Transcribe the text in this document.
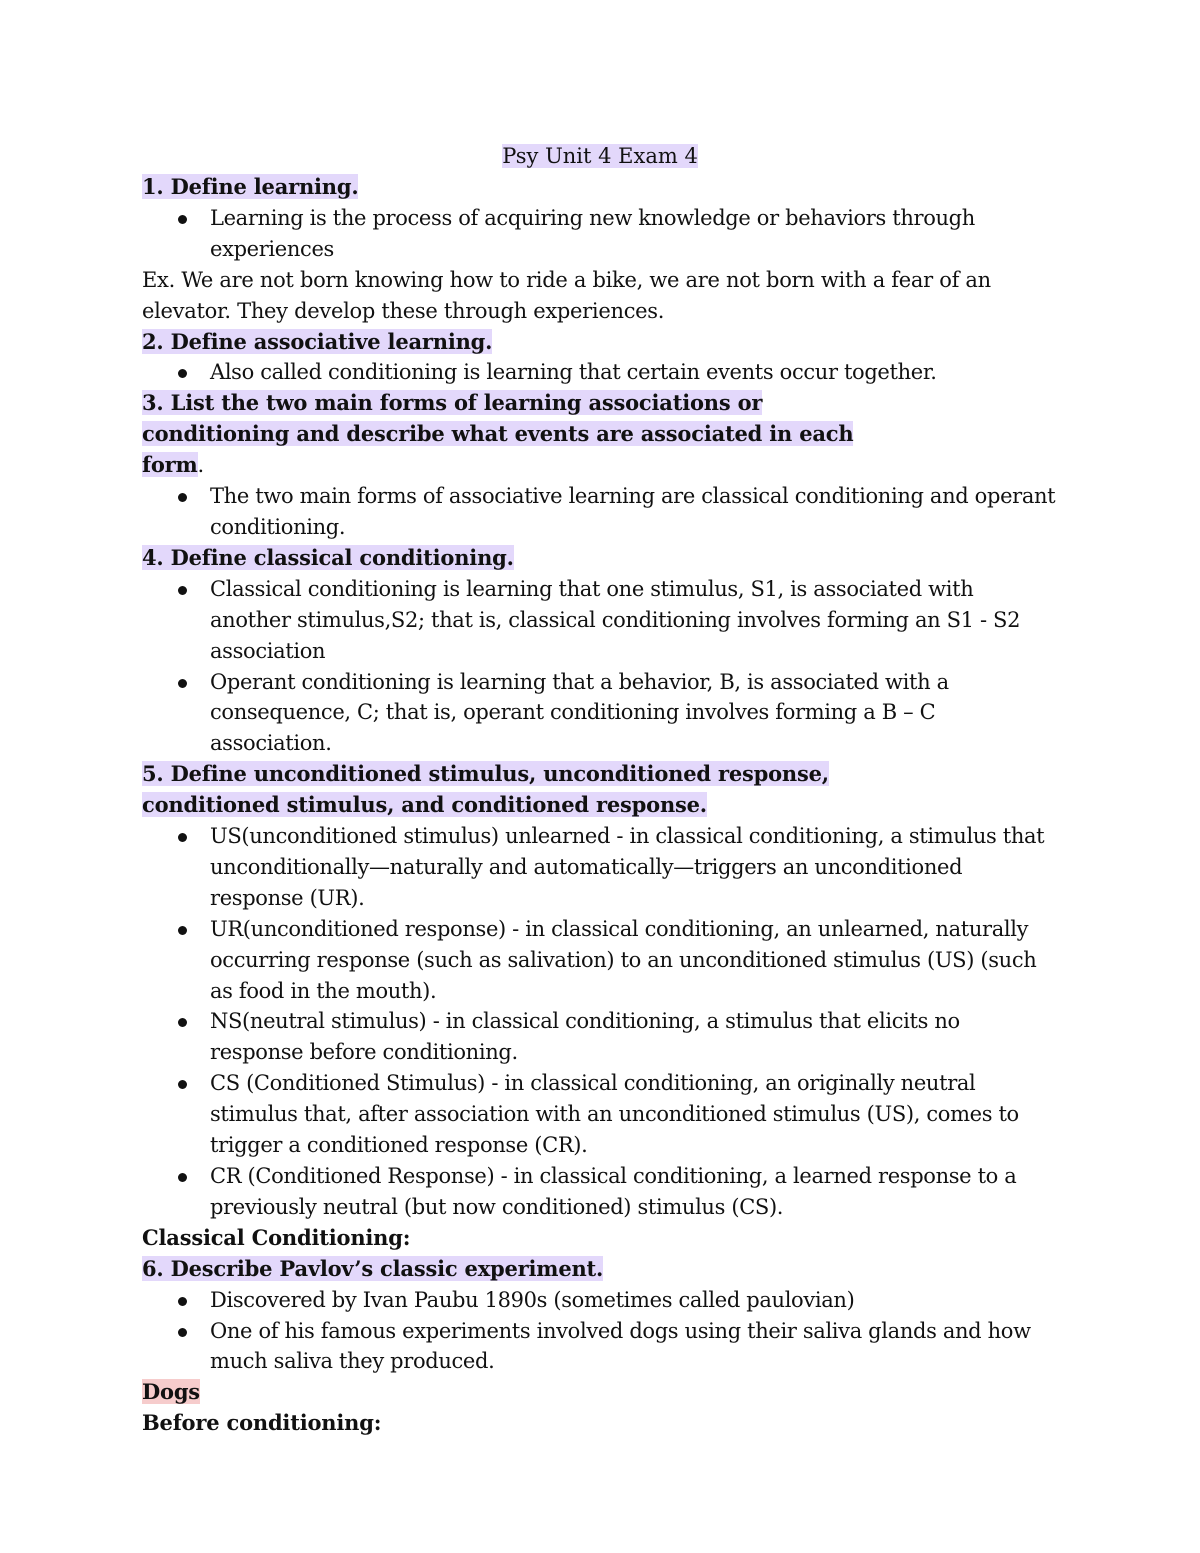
Psy Unit 4 Exam 4

1. Define learning.

Learning is the process of acquiring new knowledge or behaviors through experiences

Ex. We are not born knowing how to ride a bike, we are not born with a fear of an elevator. They develop these through experiences.

2. Define associative learning.

Also called conditioning is learning that certain events occur together.

3. List the two main forms of learning associations or
conditioning and describe what events are associated in each
form.

The two main forms of associative learning are classical conditioning and operant conditioning.

4. Define classical conditioning.

Classical conditioning is learning that one stimulus, S1, is associated with another stimulus,S2; that is, classical conditioning involves forming an S1 - S2 association
Operant conditioning is learning that a behavior, B, is associated with a consequence, C; that is, operant conditioning involves forming a B – C association.

5. Define unconditioned stimulus, unconditioned response,
conditioned stimulus, and conditioned response.

US(unconditioned stimulus) unlearned - in classical conditioning, a stimulus that unconditionally—naturally and automatically—triggers an unconditioned response (UR).
UR(unconditioned response) - in classical conditioning, an unlearned, naturally occurring response (such as salivation) to an unconditioned stimulus (US) (such as food in the mouth).
NS(neutral stimulus) - in classical conditioning, a stimulus that elicits no response before conditioning.
CS (Conditioned Stimulus) - in classical conditioning, an originally neutral stimulus that, after association with an unconditioned stimulus (US), comes to trigger a conditioned response (CR).
CR (Conditioned Response) - in classical conditioning, a learned response to a previously neutral (but now conditioned) stimulus (CS).

Classical Conditioning:

6. Describe Pavlov’s classic experiment.

Discovered by Ivan Paubu 1890s (sometimes called paulovian)
One of his famous experiments involved dogs using their saliva glands and how much saliva they produced.

Dogs

Before conditioning:
